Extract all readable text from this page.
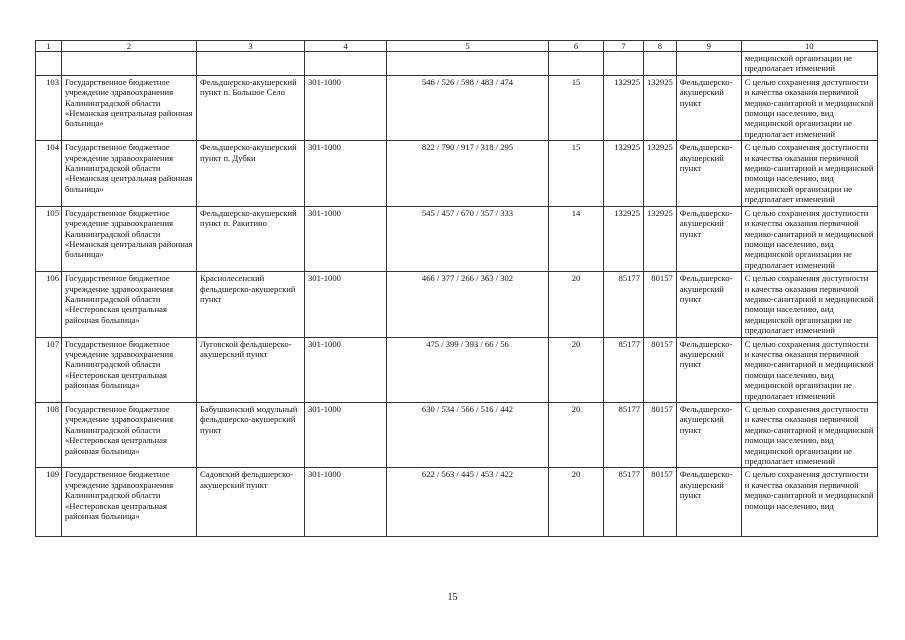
1	2	3	4	5	6	7	8	9	10
									медицинской организации не предполагает изменений
103	Государственное бюджетное учреждение здравоохранения Калининградской области «Неманская центральная районная больница»	Фельдшерско-акушерский пункт п. Большое Село	301-1000	546 / 526 / 598 / 483 / 474	15	132925	132925	Фельдшерско-акушерский пункт	С целью сохранения доступности и качества оказания первичной медико-санитарной и медицинской помощи населению, вид медицинской организации не предполагает изменений
104	Государственное бюджетное учреждение здравоохранения Калининградской области «Неманская центральная районная больница»	Фельдшерско-акушерский пункт п. Дубки	301-1000	822 / 790 / 917 / 318 / 295	15	132925	132925	Фельдшерско-акушерский пункт	С целью сохранения доступности и качества оказания первичной медико-санитарной и медицинской помощи населению, вид медицинской организации не предполагает изменений
105	Государственное бюджетное учреждение здравоохранения Калининградской области «Неманская центральная районная больница»	Фельдшерско-акушерский пункт п. Ракитино	301-1000	545 / 457 / 670 / 357 / 333	14	132925	132925	Фельдшерско-акушерский пункт	С целью сохранения доступности и качества оказания первичной медико-санитарной и медицинской помощи населению, вид медицинской организации не предполагает изменений
106	Государственное бюджетное учреждение здравоохранения Калининградской области «Нестеровская центральная районная больница»	Краснолесенский фельдшерско-акушерский пункт	301-1000	466 / 377 / 266 / 363 / 302	20	85177	80157	Фельдшерско-акушерский пункт	С целью сохранения доступности и качества оказания первичной медико-санитарной и медицинской помощи населению, вид медицинской организации не предполагает изменений
107	Государственное бюджетное учреждение здравоохранения Калининградской области «Нестеровская центральная районная больница»	Луговской фельдшерско-акушерский пункт	301-1000	475 / 399 / 393 / 66 / 56	20	85177	80157	Фельдшерско-акушерский пункт	С целью сохранения доступности и качества оказания первичной медико-санитарной и медицинской помощи населению, вид медицинской организации не предполагает изменений
108	Государственное бюджетное учреждение здравоохранения Калининградской области «Нестеровская центральная районная больница»	Бабушкинский модульный фельдшерско-акушерский пункт	301-1000	630 / 534 / 566 / 516 / 442	20	85177	80157	Фельдшерско-акушерский пункт	С целью сохранения доступности и качества оказания первичной медико-санитарной и медицинской помощи населению, вид медицинской организации не предполагает изменений
109	Государственное бюджетное учреждение здравоохранения Калининградской области «Нестеровская центральная районная больница»	Садовский фельдшерско-акушерский пункт	301-1000	622 / 563 / 445 / 453 / 422	20	85177	80157	Фельдшерско-акушерский пункт	С целью сохранения доступности и качества оказания первичной медико-санитарной и медицинской помощи населению, вид
15
